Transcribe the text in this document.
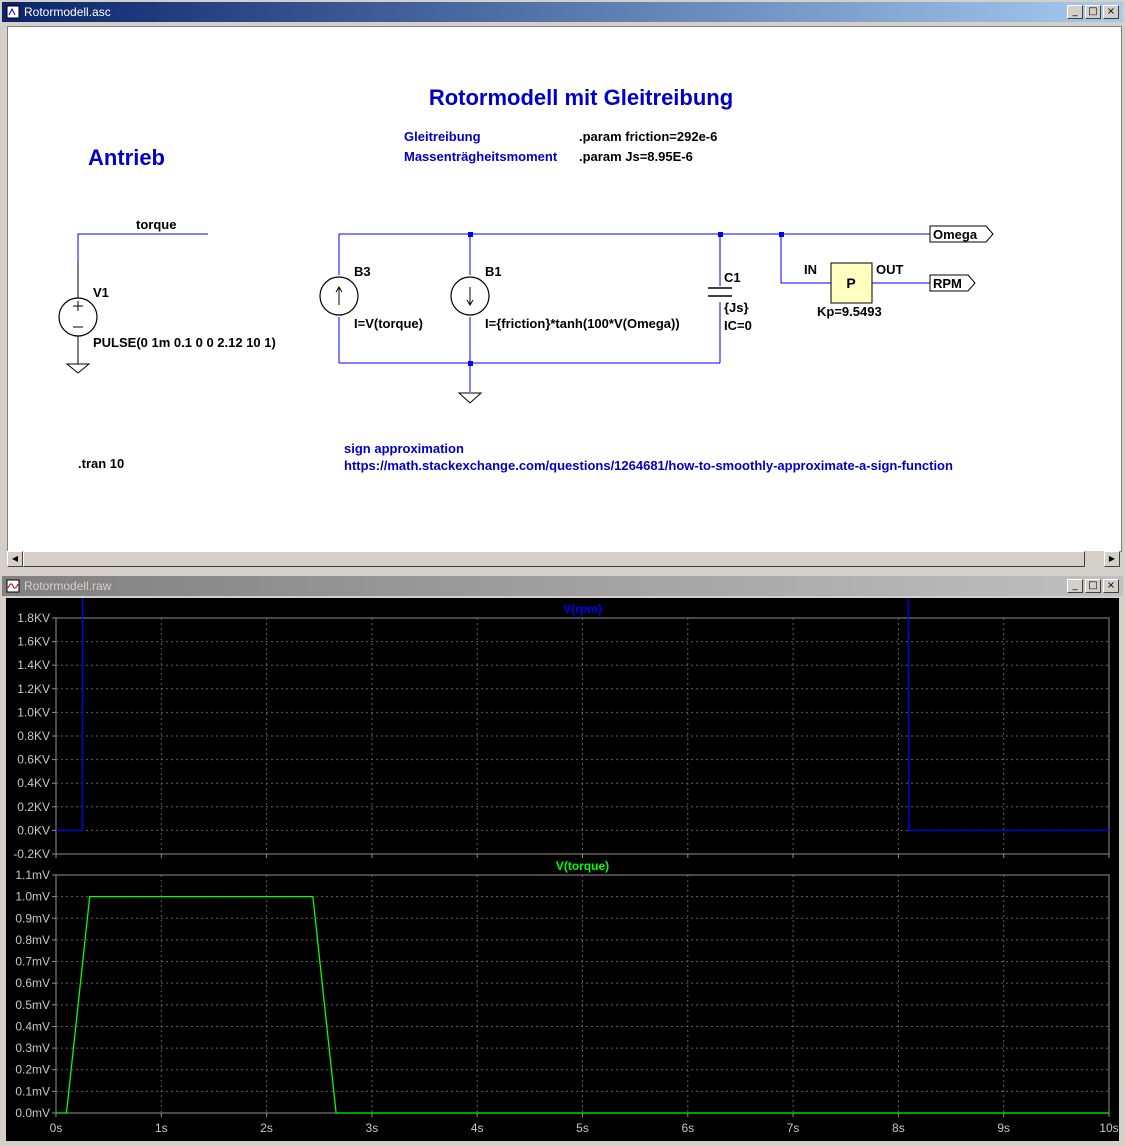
Rotormodell.asc	_	□ ×
Rotormodell mit Gleitreibung
Antrieb
Gleitreibung	.param friction=292e-6
Massenträgheitsmoment .param Js=8.95E-6
torque
V1
PULSE(0 1m 0.1 0 0 2.12 10 1)
B3
I=V(torque)
B1
I={friction}*tanh(100*V(Omega))
C1
{Js}
IC=0
P
IN	OUT
Kp=9.5493
Omega
RPM
.tran 10
sign approximation
https://math.stackexchange.com/questions/1264681/how-to-smoothly-approximate-a-sign-function
◀	▶
Rotormodell.raw	_	□ ×
V(rpm)
1.8KV
1.6KV
1.4KV
1.2KV
1.0KV
0.8KV
0.6KV
0.4KV
0.2KV
0.0KV
-0.2KV
V(torque)
1.1mV
1.0mV
0.9mV
0.8mV
0.7mV
0.6mV
0.5mV
0.4mV
0.3mV
0.2mV
0.1mV
0.0mV
0s	1s	2s	3s	4s	5s	6s	7s	8s	9s	10s
